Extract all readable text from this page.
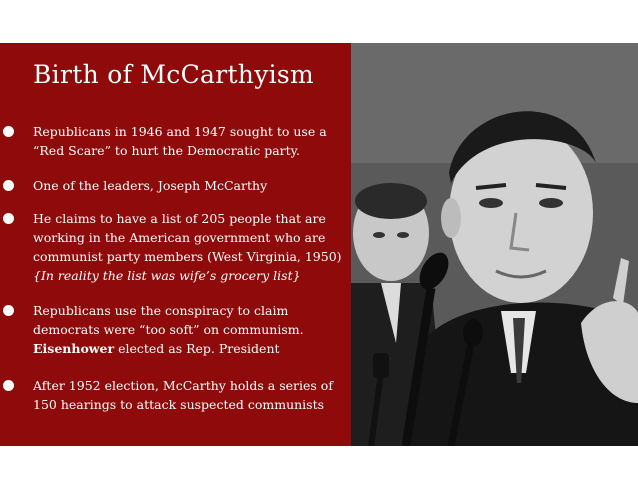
Birth of McCarthyism
Republicans in 1946 and 1947 sought to use a “Red Scare” to hurt the Democratic party.
One of the leaders, Joseph McCarthy
He claims to have a list of 205 people that are working in the American government who are communist party members (West Virginia, 1950) {In reality the list was wife’s grocery list}
Republicans use the conspiracy to claim democrats were “too soft” on communism. Eisenhower elected as Rep. President
After 1952 election, McCarthy holds a series of 150 hearings to attack suspected communists
